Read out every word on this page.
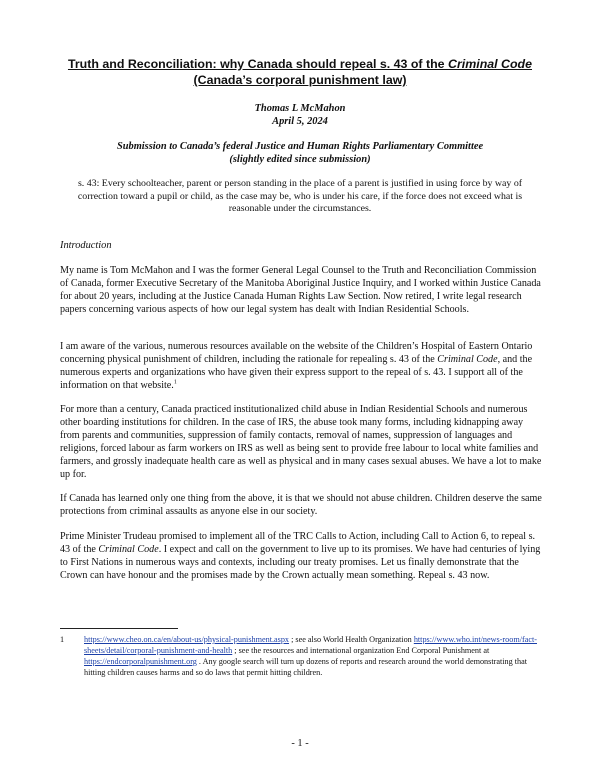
Truth and Reconciliation: why Canada should repeal s. 43 of the Criminal Code
(Canada’s corporal punishment law)
Thomas L McMahon
April 5, 2024
Submission to Canada’s federal Justice and Human Rights Parliamentary Committee
(slightly edited since submission)
s. 43: Every schoolteacher, parent or person standing in the place of a parent is justified in using force by way of correction toward a pupil or child, as the case may be, who is under his care, if the force does not exceed what is reasonable under the circumstances.
Introduction
My name is Tom McMahon and I was the former General Legal Counsel to the Truth and Reconciliation Commission of Canada, former Executive Secretary of the Manitoba Aboriginal Justice Inquiry, and I worked within Justice Canada for about 20 years, including at the Justice Canada Human Rights Law Section. Now retired, I write legal research papers concerning various aspects of how our legal system has dealt with Indian Residential Schools.
I am aware of the various, numerous resources available on the website of the Children’s Hospital of Eastern Ontario concerning physical punishment of children, including the rationale for repealing s. 43 of the Criminal Code, and the numerous experts and organizations who have given their express support to the repeal of s. 43. I support all of the information on that website.$^1$
For more than a century, Canada practiced institutionalized child abuse in Indian Residential Schools and numerous other boarding institutions for children. In the case of IRS, the abuse took many forms, including kidnapping away from parents and communities, suppression of family contacts, removal of names, suppression of languages and religions, forced labour as farm workers on IRS as well as being sent to provide free labour to local white families and farmers, and grossly inadequate health care as well as physical and in many cases sexual abuses. We have a lot to make up for.
If Canada has learned only one thing from the above, it is that we should not abuse children. Children deserve the same protections from criminal assaults as anyone else in our society.
Prime Minister Trudeau promised to implement all of the TRC Calls to Action, including Call to Action 6, to repeal s. 43 of the Criminal Code. I expect and call on the government to live up to its promises. We have had centuries of lying to First Nations in numerous ways and contexts, including our treaty promises. Let us finally demonstrate that the Crown can have honour and the promises made by the Crown actually mean something. Repeal s. 43 now.
1 https://www.cheo.on.ca/en/about-us/physical-punishment.aspx ; see also World Health Organization https://www.who.int/news-room/fact-sheets/detail/corporal-punishment-and-health ; see the resources and international organization End Corporal Punishment at https://endcorporalpunishment.org . Any google search will turn up dozens of reports and research around the world demonstrating that hitting children causes harms and so do laws that permit hitting children.
- 1 -
